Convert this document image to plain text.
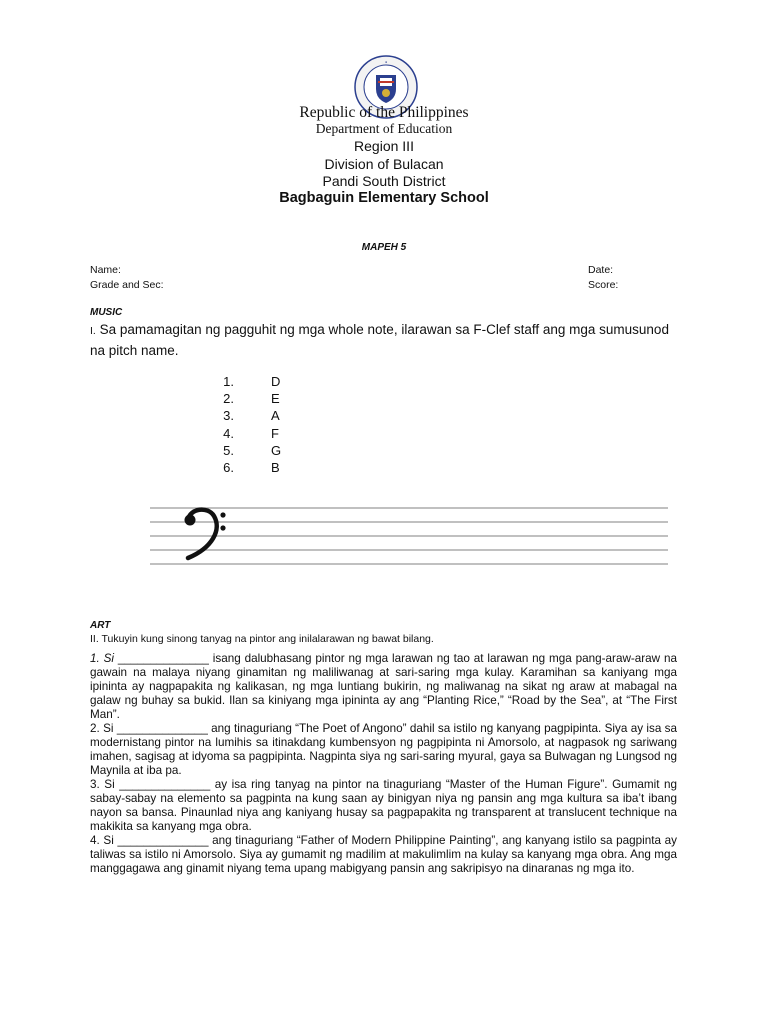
●
Republic of the Philippines
Department of Education
Region III
Division of Bulacan
Pandi South District
Bagbaguin Elementary School
MAPEH 5
Name:
Grade and Sec:
Date:
Score:
MUSIC
I. Sa pamamagitan ng pagguhit ng mga whole note, ilarawan sa F-Clef staff ang mga sumusunod na pitch name.
1.	D
2.	E
3.	A
4.	F
5.	G
6.	B
ART
II. Tukuyin kung sinong tanyag na pintor ang inilalarawan ng bawat bilang.

1. Si ______________ isang dalubhasang pintor ng mga larawan ng tao at larawan ng mga pang-araw-araw na gawain na malaya niyang ginamitan ng maliliwanag at sari-saring mga kulay. Karamihan sa kaniyang mga ipininta ay nagpapakita ng kalikasan, ng mga luntiang bukirin, ng maliwanag na sikat ng araw at mabagal na galaw ng buhay sa bukid. Ilan sa kiniyang mga ipininta ay ang “Planting Rice,” “Road by the Sea”, at “The First Man”.

2. Si ______________ ang tinaguriang “The Poet of Angono” dahil sa istilo ng kanyang pagpipinta. Siya ay isa sa modernistang pintor na lumihis sa itinakdang kumbensyon ng pagpipinta ni Amorsolo, at nagpasok ng sariwang imahen, sagisag at idyoma sa pagpipinta. Nagpinta siya ng sari-saring myural, gaya sa Bulwagan ng Lungsod ng Maynila at iba pa.

3. Si ______________ ay isa ring tanyag na pintor na tinaguriang “Master of the Human Figure”. Gumamit ng sabay-sabay na elemento sa pagpinta na kung saan ay binigyan niya ng pansin ang mga kultura sa iba’t ibang nayon sa bansa. Pinaunlad niya ang kaniyang husay sa pagpapakita ng transparent at translucent technique na makikita sa kanyang mga obra.

4. Si ______________ ang tinaguriang “Father of Modern Philippine Painting”, ang kanyang istilo sa pagpinta ay taliwas sa istilo ni Amorsolo. Siya ay gumamit ng madilim at makulimlim na kulay sa kanyang mga obra. Ang mga manggagawa ang ginamit niyang tema upang mabigyang pansin ang sakripisyo na dinaranas ng mga ito.
